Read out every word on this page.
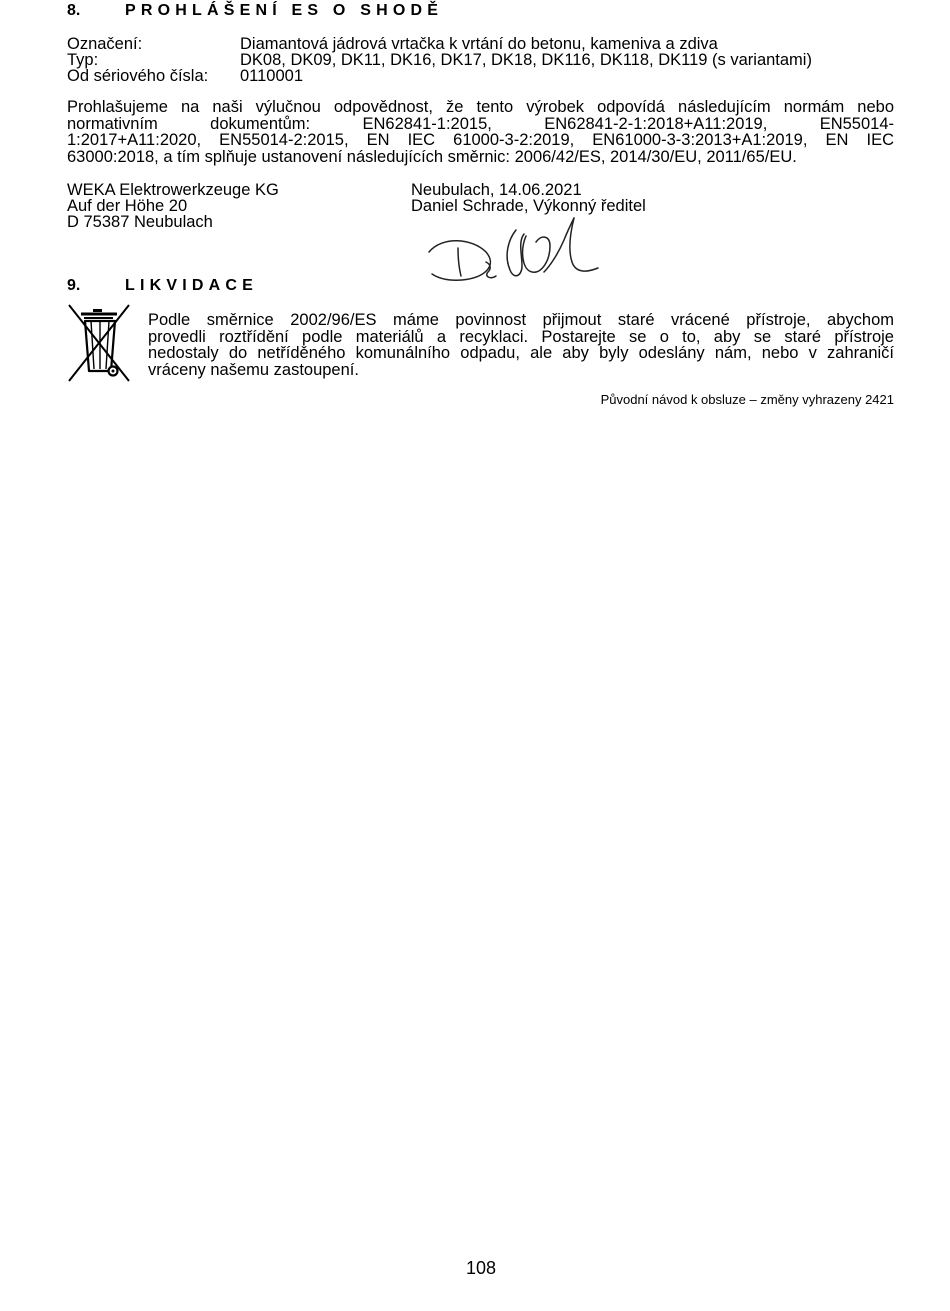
8.	PROHLÁŠENÍ ES O SHODĚ
Označení:	Diamantová jádrová vrtačka k vrtání do betonu, kameniva a zdiva
Typ:	DK08, DK09, DK11, DK16, DK17, DK18, DK116, DK118, DK119 (s variantami)
Od sériového čísla: 0110001
Prohlašujeme na naši výlučnou odpovědnost, že tento výrobek odpovídá následujícím normám nebo
normativním dokumentům: EN62841-1:2015, EN62841-2-1:2018+A11:2019, EN55014-
1:2017+A11:2020, EN55014-2:2015, EN IEC 61000-3-2:2019, EN61000-3-3:2013+A1:2019, EN IEC
63000:2018, a tím splňuje ustanovení následujících směrnic: 2006/42/ES, 2014/30/EU, 2011/65/EU.
WEKA Elektrowerkzeuge KG
Auf der Höhe 20
D 75387 Neubulach
Neubulach, 14.06.2021
Daniel Schrade, Výkonný ředitel
9.	LIKVIDACE
Podle směrnice 2002/96/ES máme povinnost přijmout staré vrácené přístroje, abychom
provedli roztřídění podle materiálů a recyklaci. Postarejte se o to, aby se staré přístroje
nedostaly do netříděného komunálního odpadu, ale aby byly odeslány nám, nebo v zahraničí
vráceny našemu zastoupení.
Původní návod k obsluze – změny vyhrazeny 2421
108
